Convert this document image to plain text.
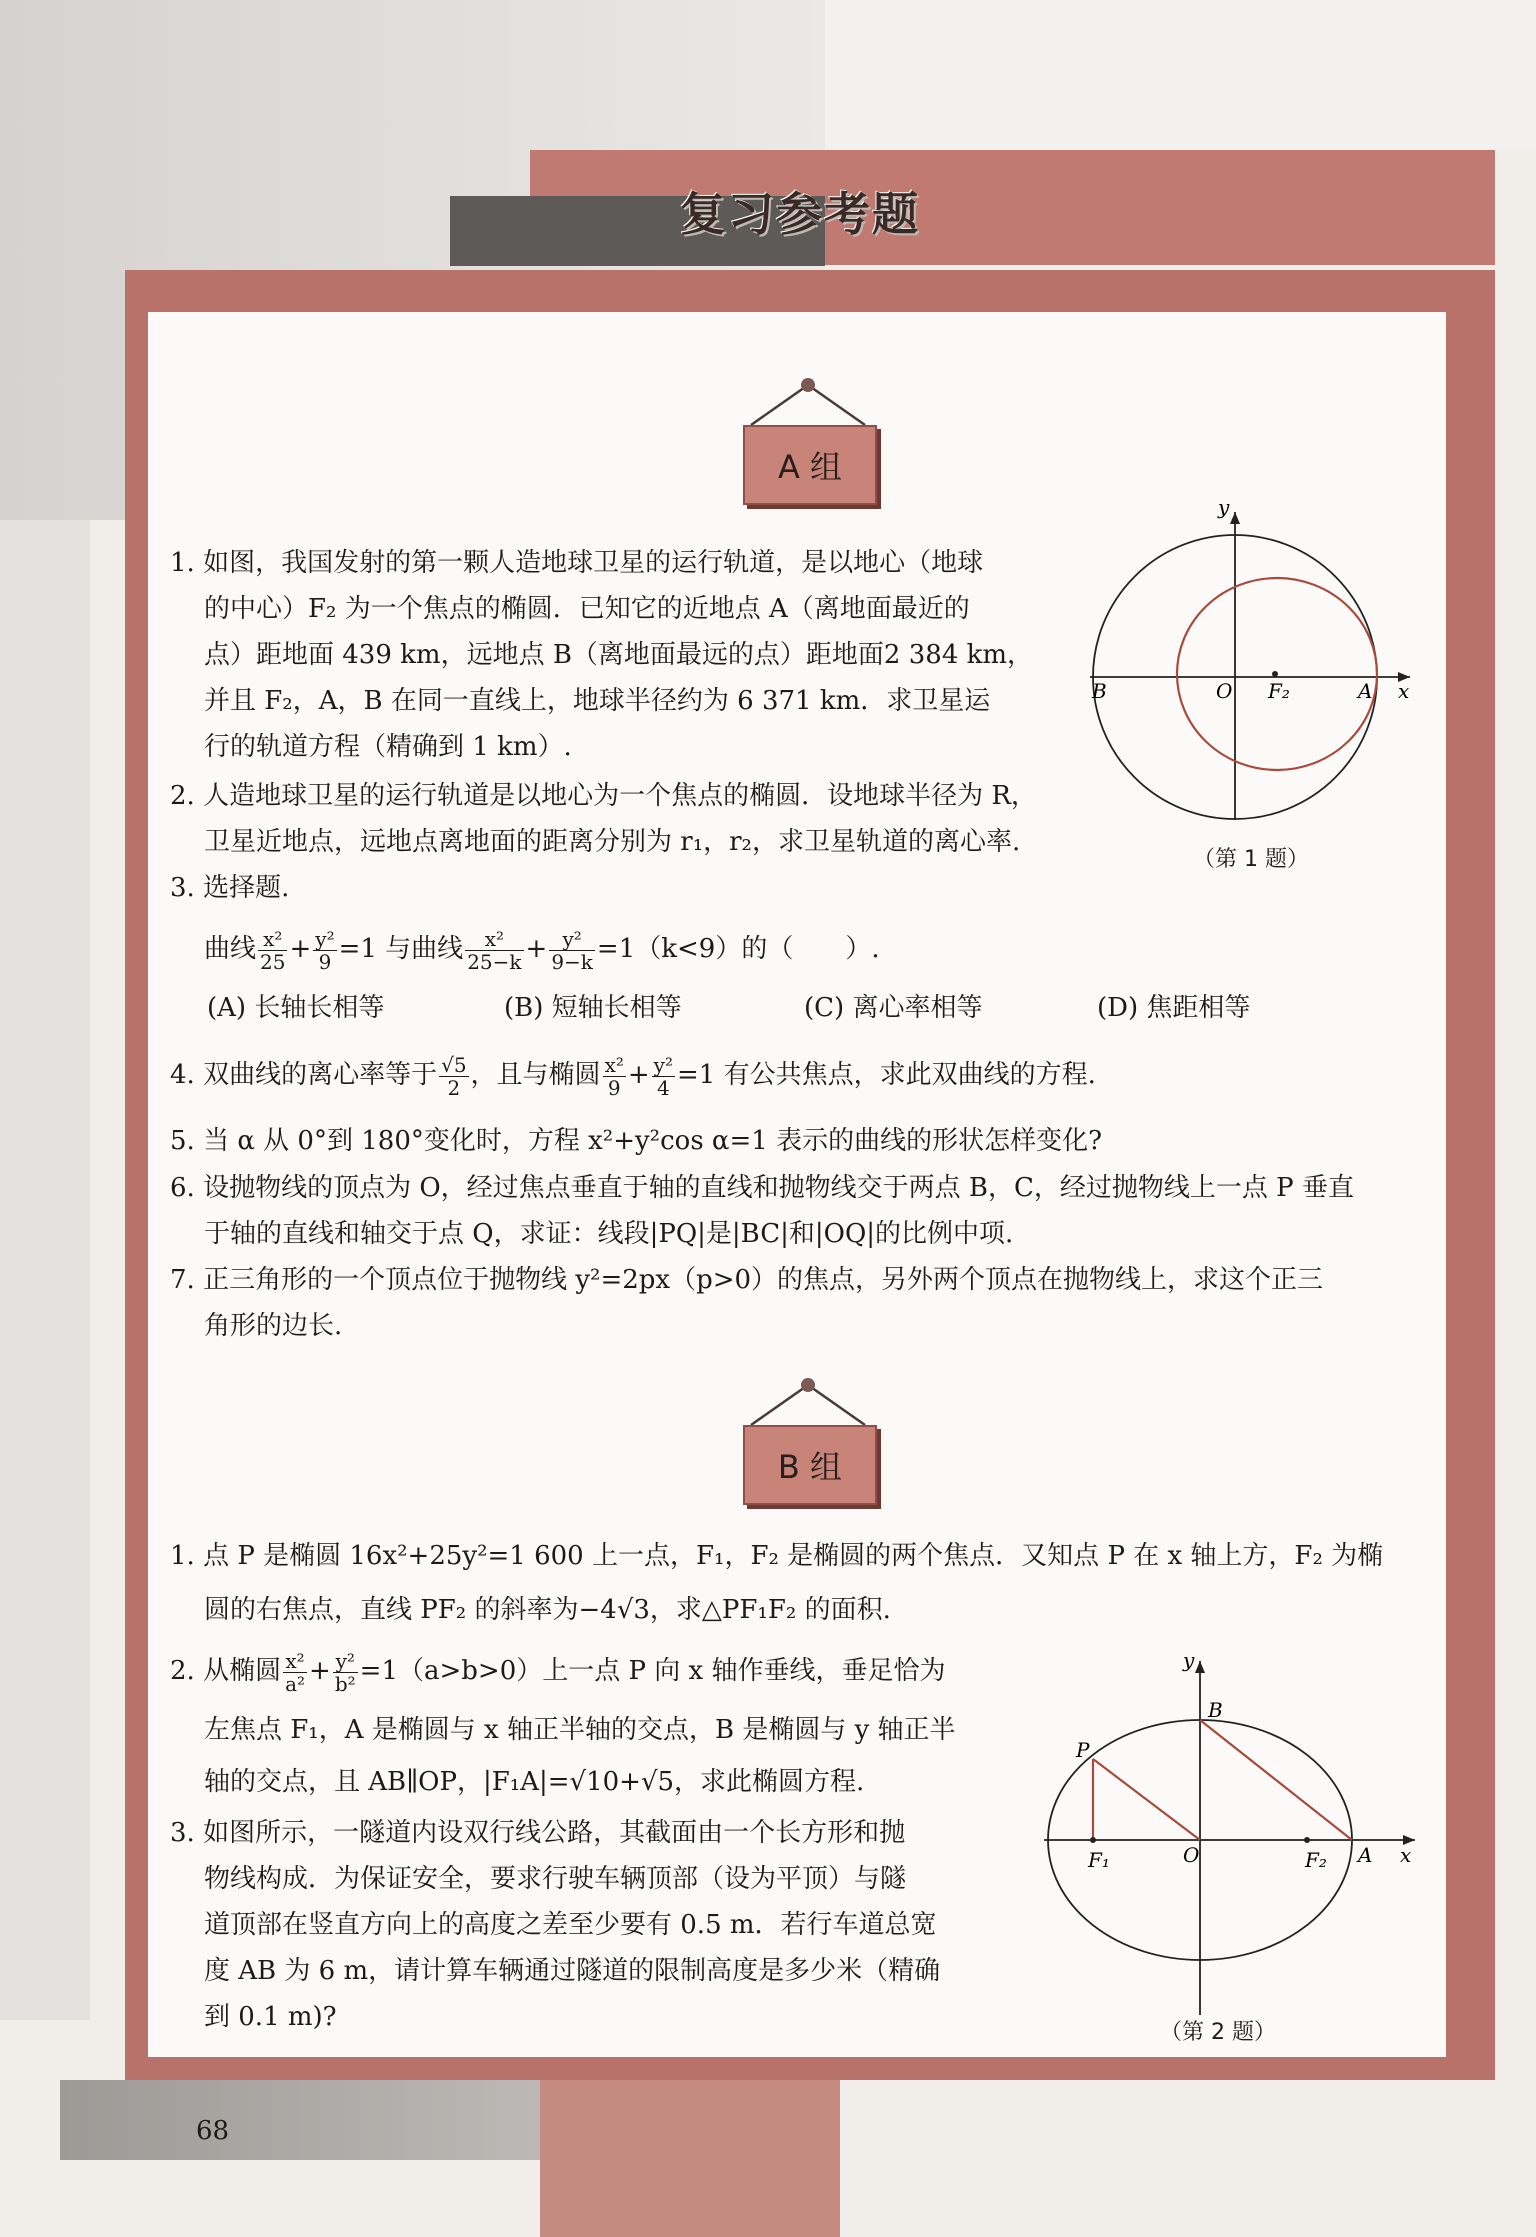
复习参考题
A 组
B	O F₂	A x
y
（第 1 题）
1. 如图，我国发射的第一颗人造地球卫星的运行轨道，是以地心（地球
的中心）F₂ 为一个焦点的椭圆．已知它的近地点 A（离地面最近的
点）距地面 439 km，远地点 B（离地面最远的点）距地面2 384 km，
并且 F₂，A，B 在同一直线上，地球半径约为 6 371 km．求卫星运
行的轨道方程（精确到 1 km）.
2. 人造地球卫星的运行轨道是以地心为一个焦点的椭圆．设地球半径为 R，
卫星近地点，远地点离地面的距离分别为 r₁，r₂，求卫星轨道的离心率.
3. 选择题.
曲线 $\frac{\text{x²}}{25} + \frac{\text{y²}}{9} =1$ 与曲线 $\frac{\text{x²}}{25-k} + \frac{\text{y²}}{9-k} =1(k<9)$的（　　）.
(A) 长轴长相等	(B) 短轴长相等	(C) 离心率相等	(D) 焦距相等
4. 双曲线的离心率等于 $\frac{√5}{2}$ ，且与椭圆 $\frac{\text{x²}}{9} + \frac{\text{y²}}{4} =1$ 有公共焦点，求此双曲线的方程.
5. 当 α 从 0°到 180°变化时，方程 x²+y²cos α=1 表示的曲线的形状怎样变化?
6. 设抛物线的顶点为 O，经过焦点垂直于轴的直线和抛物线交于两点 B，C，经过抛物线上一点 P 垂直
于轴的直线和轴交于点 Q，求证：线段|PQ|是|BC|和|OQ|的比例中项.
7. 正三角形的一个顶点位于抛物线 y²=2px（p>0）的焦点，另外两个顶点在抛物线上，求这个正三
角形的边长.
B 组
1. 点 P 是椭圆 16x²+25y²=1 600 上一点，F₁，F₂ 是椭圆的两个焦点．又知点 P 在 x 轴上方，F₂ 为椭
圆的右焦点，直线 PF₂ 的斜率为−4√3，求△PF₁F₂ 的面积.
2. 从椭圆 $\frac{\text{x²}}{\text{a²}} + \frac{\text{y²}}{\text{b²}} =1(a>b>0)$上一点 P 向 x 轴作垂线，垂足恰为
左焦点 F₁，A 是椭圆与 x 轴正半轴的交点，B 是椭圆与 y 轴正半
轴的交点，且 AB∥OP，|F₁A|=√10+√5，求此椭圆方程.
3. 如图所示，一隧道内设双行线公路，其截面由一个长方形和抛
物线构成．为保证安全，要求行驶车辆顶部（设为平顶）与隧
道顶部在竖直方向上的高度之差至少要有 0.5 m．若行车道总宽
度 AB 为 6 m，请计算车辆通过隧道的限制高度是多少米（精确
到 0.1 m)?
P
F₁	O
B
F₂ A x
y
（第 2 题）
68
